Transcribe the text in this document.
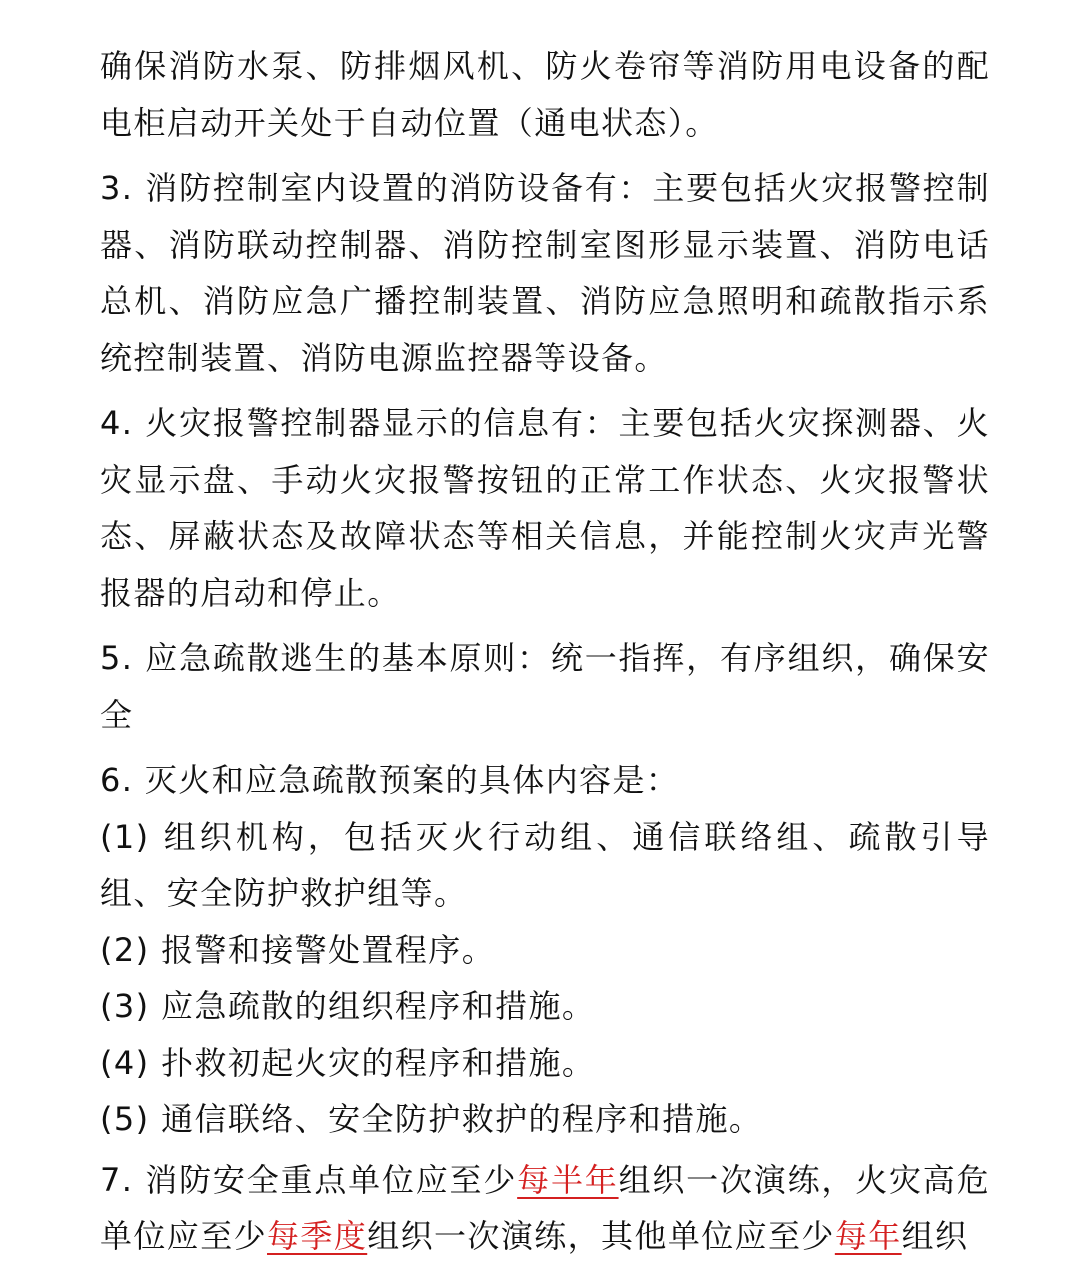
确保消防水泵、防排烟风机、防火卷帘等消防用电设备的配电柜启动开关处于自动位置（通电状态）。

3. 消防控制室内设置的消防设备有：主要包括火灾报警控制器、消防联动控制器、消防控制室图形显示装置、消防电话总机、消防应急广播控制装置、消防应急照明和疏散指示系统控制装置、消防电源监控器等设备。

4. 火灾报警控制器显示的信息有：主要包括火灾探测器、火灾显示盘、手动火灾报警按钮的正常工作状态、火灾报警状态、屏蔽状态及故障状态等相关信息，并能控制火灾声光警报器的启动和停止。

5. 应急疏散逃生的基本原则：统一指挥，有序组织，确保安全

6. 灭火和应急疏散预案的具体内容是：

(1) 组织机构，包括灭火行动组、通信联络组、疏散引导组、安全防护救护组等。

(2) 报警和接警处置程序。

(3) 应急疏散的组织程序和措施。

(4) 扑救初起火灾的程序和措施。

(5) 通信联络、安全防护救护的程序和措施。

7. 消防安全重点单位应至少每半年组织一次演练，火灾高危单位应至少每季度组织一次演练，其他单位应至少每年组织
